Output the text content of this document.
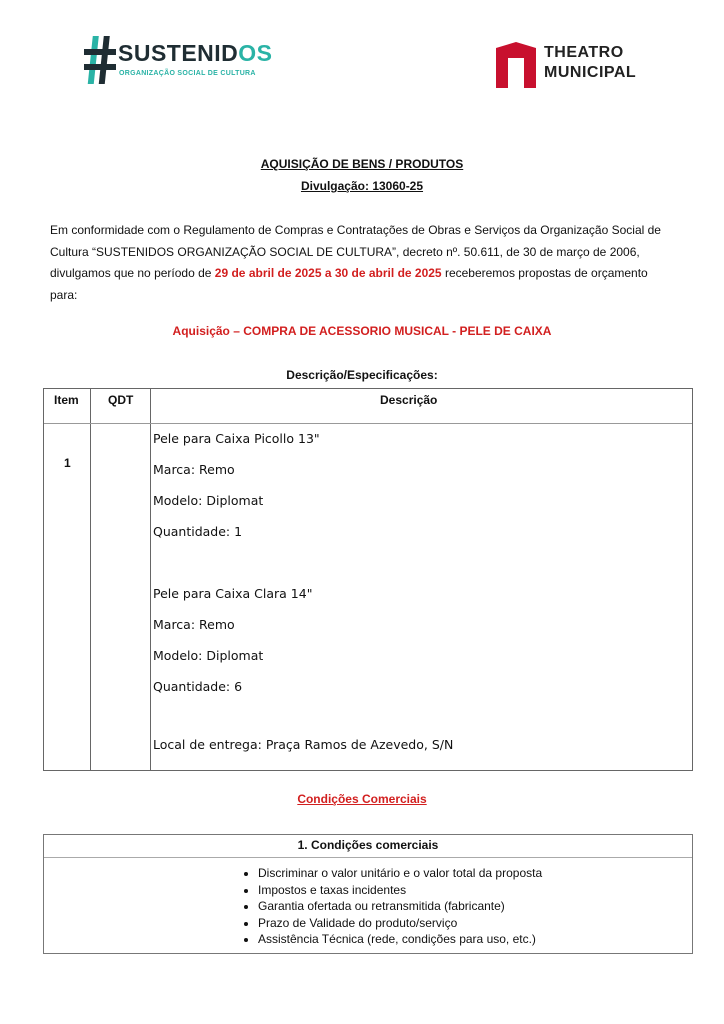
SUSTENIDOS
ORGANIZAÇÃO SOCIAL DE CULTURA
THEATRO
MUNICIPAL
AQUISIÇÃO DE BENS / PRODUTOS
Divulgação: 13060-25
Em conformidade com o Regulamento de Compras e Contratações de Obras e Serviços da Organização Social de Cultura “SUSTENIDOS ORGANIZAÇÃO SOCIAL DE CULTURA”, decreto nº. 50.611, de 30 de março de 2006, divulgamos que no período de 29 de abril de 2025 a 30 de abril de 2025 receberemos propostas de orçamento para:
Aquisição – COMPRA DE ACESSORIO MUSICAL - PELE DE CAIXA
Descrição/Especificações:
Item QDT	Descrição
1
Pele para Caixa Picollo 13"
Marca: Remo
Modelo: Diplomat
Quantidade: 1
Pele para Caixa Clara 14"
Marca: Remo
Modelo: Diplomat
Quantidade: 6
Local de entrega: Praça Ramos de Azevedo, S/N
Condições Comerciais
1. Condições comerciais
• Discriminar o valor unitário e o valor total da proposta
• Impostos e taxas incidentes
• Garantia ofertada ou retransmitida (fabricante)
• Prazo de Validade do produto/serviço
• Assistência Técnica (rede, condições para uso, etc.)
